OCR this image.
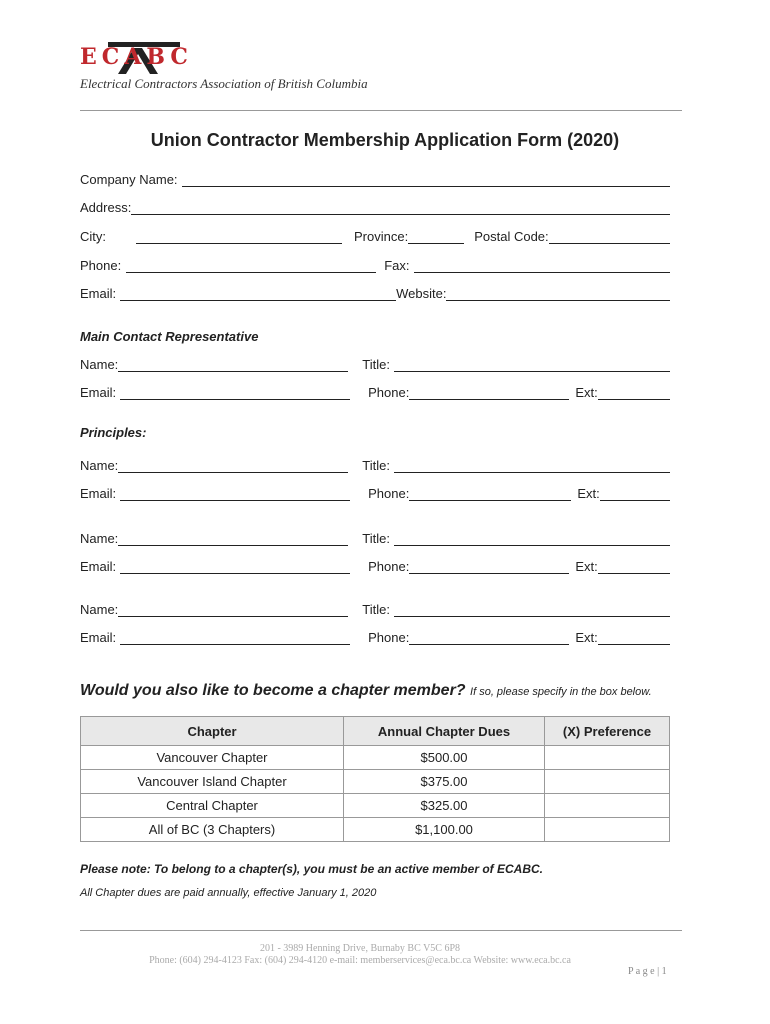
ECABC
Electrical Contractors Association of British Columbia
Union Contractor Membership Application Form (2020)
Company Name:
Address:
City:	Province:	Postal Code:
Phone:	Fax:
Email:	Website:
Main Contact Representative
Name:	Title:
Email:	Phone:	Ext:
Principles:
Name:	Title:
Email:	Phone:	Ext:
Name:	Title:
Email:	Phone:	Ext:
Name:	Title:
Email:	Phone:	Ext:
Would you also like to become a chapter member? If so, please specify in the box below.
Chapter	Annual Chapter Dues	(X) Preference
Vancouver Chapter	$500.00	
Vancouver Island Chapter	$375.00	
Central Chapter	$325.00	
All of BC (3 Chapters)	$1,100.00	
Please note: To belong to a chapter(s), you must be an active member of ECABC.
All Chapter dues are paid annually, effective January 1, 2020
201 - 3989 Henning Drive, Burnaby BC V5C 6P8
Phone: (604) 294-4123 Fax: (604) 294-4120 e-mail: memberservices@eca.bc.ca Website: www.eca.bc.ca
P a g e | 1
